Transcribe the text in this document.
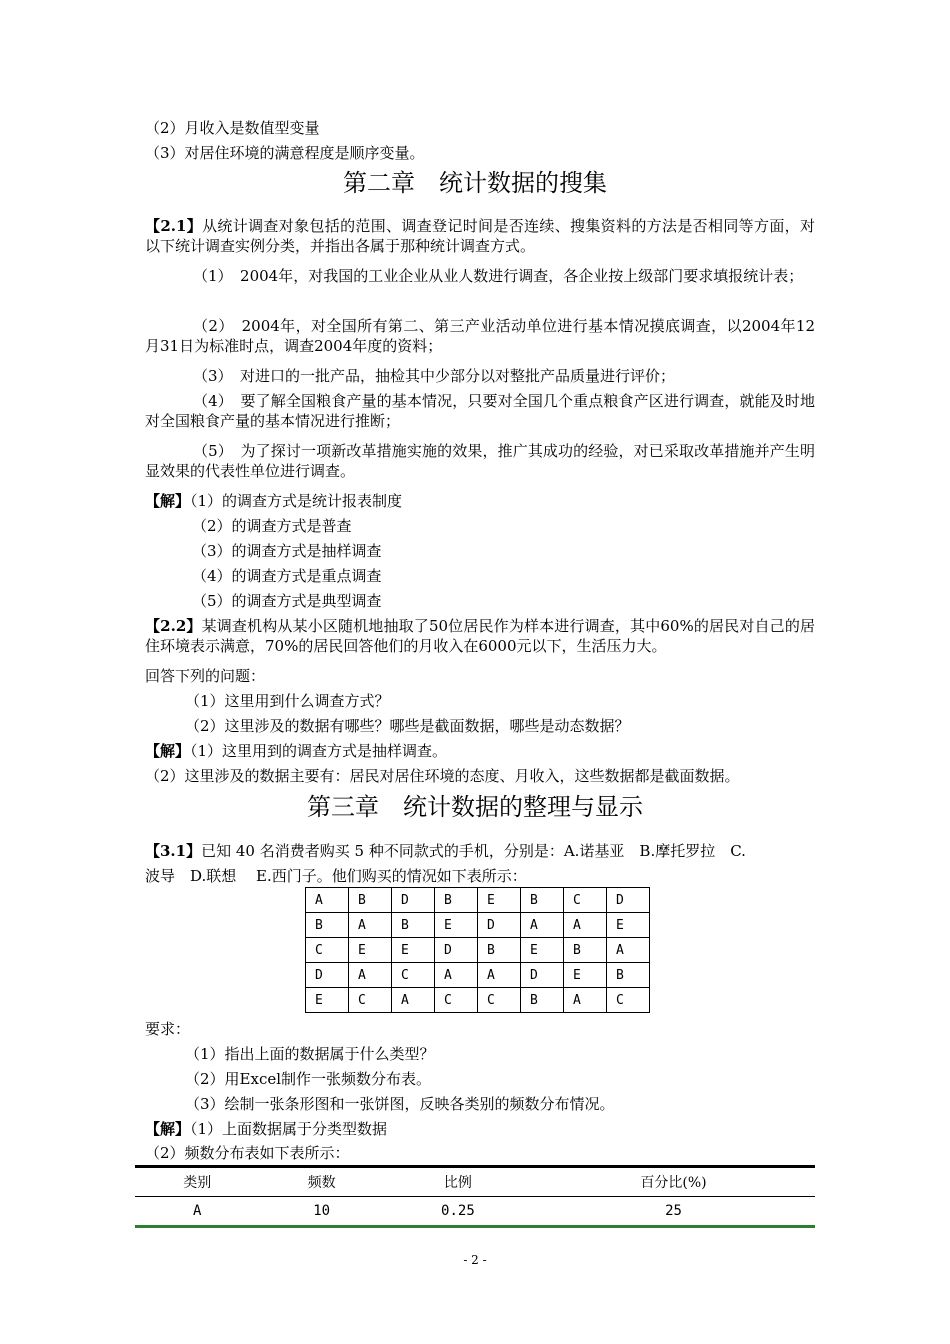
（2）月收入是数值型变量
（3）对居住环境的满意程度是顺序变量。
第二章　统计数据的搜集
【2.1】从统计调查对象包括的范围、调查登记时间是否连续、搜集资料的方法是否相同等方面，对以下统计调查实例分类，并指出各属于那种统计调查方式。
（1）　2004年，对我国的工业企业从业人数进行调查，各企业按上级部门要求填报统计表；
（2）　2004年，对全国所有第二、第三产业活动单位进行基本情况摸底调查，以2004年12月31日为标准时点，调查2004年度的资料；
（3）　对进口的一批产品，抽检其中少部分以对整批产品质量进行评价；
（4）　要了解全国粮食产量的基本情况，只要对全国几个重点粮食产区进行调查，就能及时地对全国粮食产量的基本情况进行推断；
（5）　为了探讨一项新改革措施实施的效果，推广其成功的经验，对已采取改革措施并产生明显效果的代表性单位进行调查。
【解】（1）的调查方式是统计报表制度
（2）的调查方式是普查
（3）的调查方式是抽样调查
（4）的调查方式是重点调查
（5）的调查方式是典型调查
【2.2】某调查机构从某小区随机地抽取了50位居民作为样本进行调查，其中60%的居民对自己的居住环境表示满意，70%的居民回答他们的月收入在6000元以下，生活压力大。
回答下列的问题：
（1）这里用到什么调查方式？
（2）这里涉及的数据有哪些？哪些是截面数据，哪些是动态数据？
【解】（1）这里用到的调查方式是抽样调查。
（2）这里涉及的数据主要有：居民对居住环境的态度、月收入，这些数据都是截面数据。
第三章　统计数据的整理与显示
【3.1】已知 40 名消费者购买 5 种不同款式的手机，分别是：A.诺基亚　B.摩托罗拉　C.
波导　D.联想　 E.西门子。他们购买的情况如下表所示：
A	B	D	B	E	B	C	D
B	A	B	E	D	A	A	E
C	E	E	D	B	E	B	A
D	A	C	A	A	D	E	B
E	C	A	C	C	B	A	C
要求：
（1）指出上面的数据属于什么类型？
（2）用Excel制作一张频数分布表。
（3）绘制一张条形图和一张饼图，反映各类别的频数分布情况。
【解】（1）上面数据属于分类型数据
（2）频数分布表如下表所示：
类别	频数	比例	百分比(%)
A	10	0.25	25
- 2 -
